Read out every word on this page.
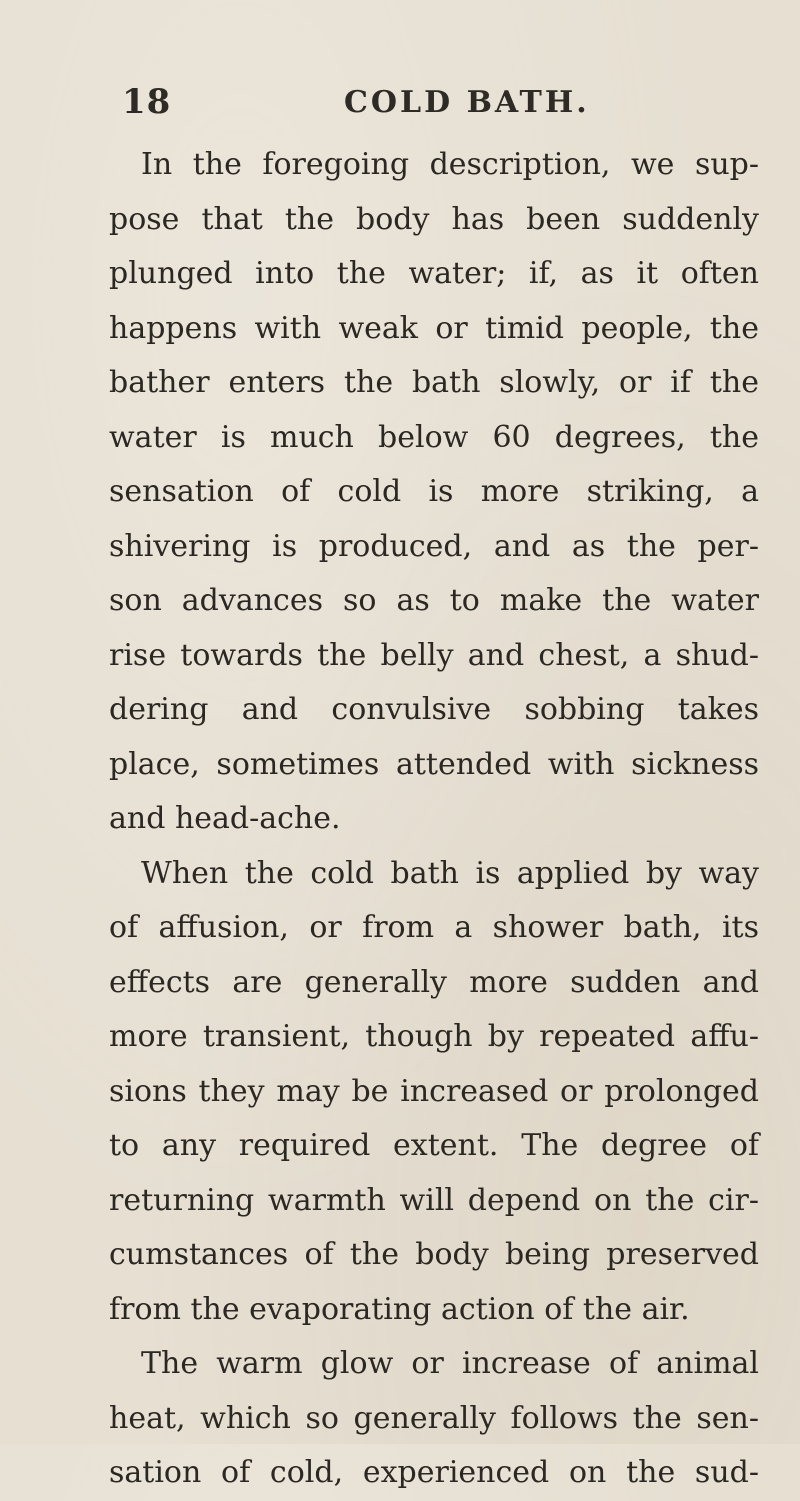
18	COLD BATH.
In the foregoing description, we sup-
pose that the body has been suddenly
plunged into the water; if, as it often
happens with weak or timid people, the
bather enters the bath slowly, or if the
water is much below 60 degrees, the
sensation of cold is more striking, a
shivering is produced, and as the per-
son advances so as to make the water
rise towards the belly and chest, a shud-
dering and convulsive sobbing takes
place, sometimes attended with sickness
and head-ache.
When the cold bath is applied by way
of affusion, or from a shower bath, its
effects are generally more sudden and
more transient, though by repeated affu-
sions they may be increased or prolonged
to any required extent. The degree of
returning warmth will depend on the cir-
cumstances of the body being preserved
from the evaporating action of the air.
The warm glow or increase of animal
heat, which so generally follows the sen-
sation of cold, experienced on the sud-
